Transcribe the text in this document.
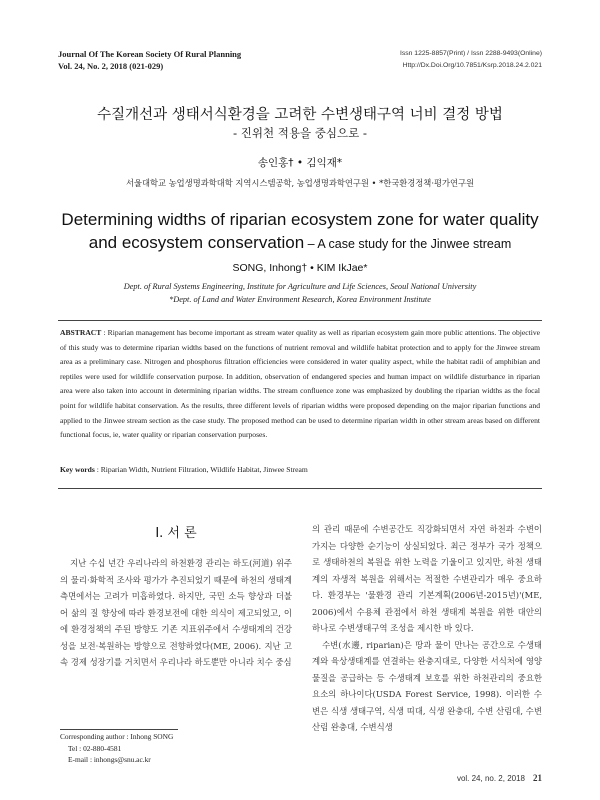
Journal Of The Korean Society Of Rural Planning
Vol. 24, No. 2, 2018 (021-029)
Issn 1225-8857(Print) / Issn 2288-9493(Online)
Http://Dx.Doi.Org/10.7851/Ksrp.2018.24.2.021
수질개선과 생태서식환경을 고려한 수변생태구역 너비 결정 방법
- 진위천 적용을 중심으로 -
송인홍† • 김익재*
서울대학교 농업생명과학대학 지역시스템공학, 농업생명과학연구원 • *한국환경정책·평가연구원
Determining widths of riparian ecosystem zone for water quality
and ecosystem conservation – A case study for the Jinwee stream
SONG, Inhong† • KIM IkJae*
Dept. of Rural Systems Engineering, Institute for Agriculture and Life Sciences, Seoul National University
*Dept. of Land and Water Environment Research, Korea Environment Institute
ABSTRACT : Riparian management has become important as stream water quality as well as riparian ecosystem gain more public attentions. The objective of this study was to determine riparian widths based on the functions of nutrient removal and wildlife habitat protection and to apply for the Jinwee stream area as a preliminary case. Nitrogen and phosphorus filtration efficiencies were considered in water quality aspect, while the habitat radii of amphibian and reptiles were used for wildlife conservation purpose. In addition, observation of endangered species and human impact on wildlife disturbance in riparian area were also taken into account in determining riparian widths. The stream confluence zone was emphasized by doubling the riparian widths as the focal point for wildlife habitat conservation. As the results, three different levels of riparian widths were proposed depending on the major riparian functions and applied to the Jinwee stream section as the case study. The proposed method can be used to determine riparian width in other stream areas based on different functional focus, ie, water quality or riparian conservation purposes.
Key words : Riparian Width, Nutrient Filtration, Wildlife Habitat, Jinwee Stream
Ⅰ. 서 론

지난 수십 년간 우리나라의 하천환경 관리는 하도(河道) 위주의 물리·화학적 조사와 평가가 추진되었기 때문에 하천의 생태계 측면에서는 고려가 미흡하였다. 하지만, 국민 소득 향상과 더불어 삶의 질 향상에 따라 환경보전에 대한 의식이 제고되었고, 이에 환경정책의 주된 방향도 기존 지표위주에서 수생태계의 건강성을 보전·복원하는 방향으로 전향하였다(ME, 2006). 지난 고속 경제 성장기를 거치면서 우리나라 하도뿐만 아니라 치수 중심

의 관리 때문에 수변공간도 직강화되면서 자연 하천과 수변이 가지는 다양한 순기능이 상실되었다. 최근 정부가 국가 정책으로 생태하천의 복원을 위한 노력을 기울이고 있지만, 하천 생태계의 자생적 복원을 위해서는 적절한 수변관리가 매우 중요하다. 환경부는 '물환경 관리 기본계획(2006년-2015년)'(ME, 2006)에서 수용체 관점에서 하천 생태계 복원을 위한 대안의 하나로 수변생태구역 조성을 제시한 바 있다.

수변(水邊, riparian)은 땅과 물이 만나는 공간으로 수생태계와 육상생태계를 연결하는 완충지대로, 다양한 서식처에 영양물질을 공급하는 등 수생태계 보호를 위한 하천관리의 중요한 요소의 하나이다(USDA Forest Service, 1998). 이러한 수변은 식생 생태구역, 식생 띠대, 식생 완충대, 수변 산림대, 수변 산림 완충대, 수변식생

Corresponding author : Inhong SONG
Tel : 02-880-4581
E-mail : inhongs@snu.ac.kr
vol. 24, no. 2, 2018 21
